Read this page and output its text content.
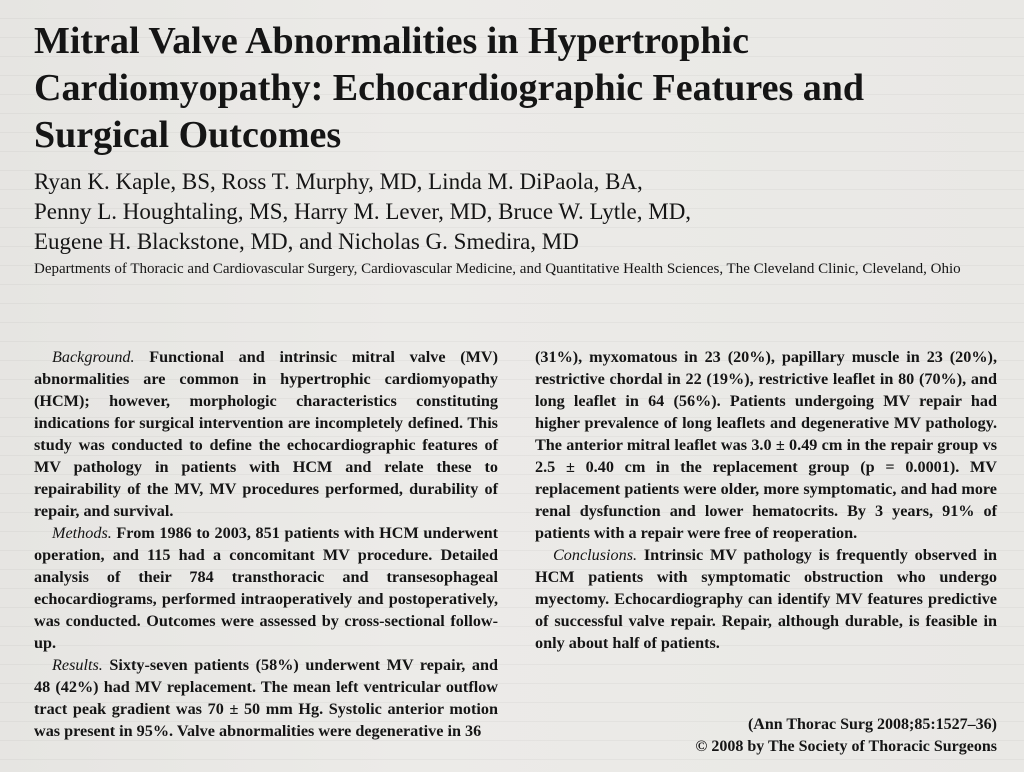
Mitral Valve Abnormalities in Hypertrophic Cardiomyopathy: Echocardiographic Features and Surgical Outcomes
Ryan K. Kaple, BS, Ross T. Murphy, MD, Linda M. DiPaola, BA,
Penny L. Houghtaling, MS, Harry M. Lever, MD, Bruce W. Lytle, MD,
Eugene H. Blackstone, MD, and Nicholas G. Smedira, MD

Departments of Thoracic and Cardiovascular Surgery, Cardiovascular Medicine, and Quantitative Health Sciences, The Cleveland Clinic, Cleveland, Ohio

Background. Functional and intrinsic mitral valve (MV) abnormalities are common in hypertrophic cardiomyopathy (HCM); however, morphologic characteristics constituting indications for surgical intervention are incompletely defined. This study was conducted to define the echocardiographic features of MV pathology in patients with HCM and relate these to repairability of the MV, MV procedures performed, durability of repair, and survival.

Methods. From 1986 to 2003, 851 patients with HCM underwent operation, and 115 had a concomitant MV procedure. Detailed analysis of their 784 transthoracic and transesophageal echocardiograms, performed intraoperatively and postoperatively, was conducted. Outcomes were assessed by cross-sectional follow-up.

Results. Sixty-seven patients (58%) underwent MV repair, and 48 (42%) had MV replacement. The mean left ventricular outflow tract peak gradient was 70 ± 50 mm Hg. Systolic anterior motion was present in 95%. Valve abnormalities were degenerative in 36

(31%), myxomatous in 23 (20%), papillary muscle in 23 (20%), restrictive chordal in 22 (19%), restrictive leaflet in 80 (70%), and long leaflet in 64 (56%). Patients undergoing MV repair had higher prevalence of long leaflets and degenerative MV pathology. The anterior mitral leaflet was 3.0 ± 0.49 cm in the repair group vs 2.5 ± 0.40 cm in the replacement group (p = 0.0001). MV replacement patients were older, more symptomatic, and had more renal dysfunction and lower hematocrits. By 3 years, 91% of patients with a repair were free of reoperation.

Conclusions. Intrinsic MV pathology is frequently observed in HCM patients with symptomatic obstruction who undergo myectomy. Echocardiography can identify MV features predictive of successful valve repair. Repair, although durable, is feasible in only about half of patients.

(Ann Thorac Surg 2008;85:1527–36)

© 2008 by The Society of Thoracic Surgeons
